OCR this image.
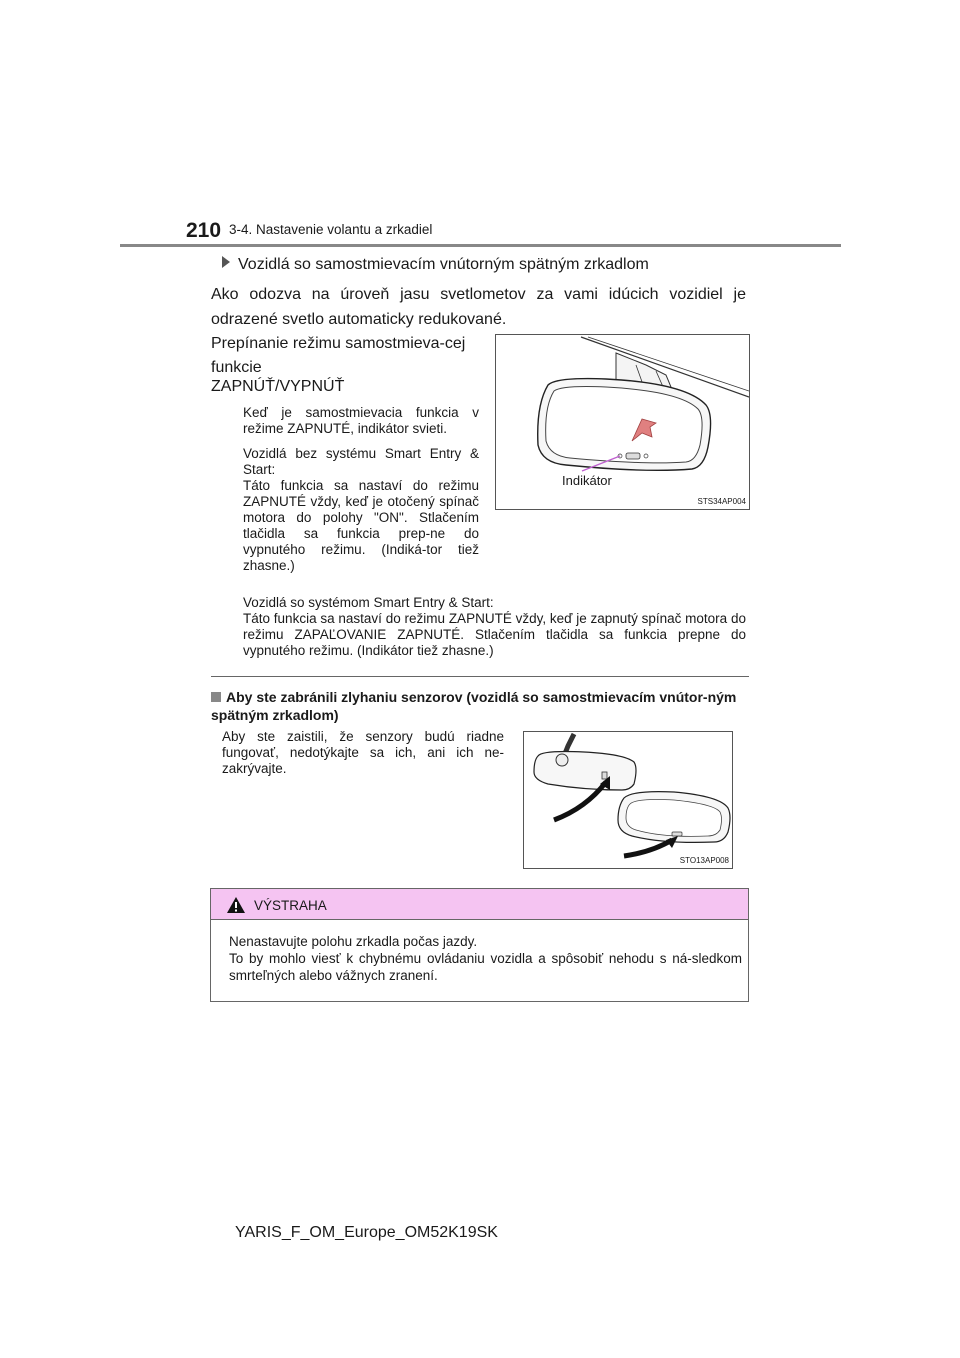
210 3-4. Nastavenie volantu a zrkadiel
Vozidlá so samostmievacím vnútorným spätným zrkadlom
Ako odozva na úroveň jasu svetlometov za vami idúcich vozidiel je odrazené svetlo automaticky redukované.
Prepínanie režimu samostmieva-cej funkcie
ZAPNÚŤ/VYPNÚŤ
Keď je samostmievacia funkcia v režime ZAPNUTÉ, indikátor svieti.
Vozidlá bez systému Smart Entry & Start:
Táto funkcia sa nastaví do režimu ZAPNUTÉ vždy, keď je otočený spínač motora do polohy "ON". Stlačením tlačidla sa funkcia prep-ne do vypnutého režimu. (Indiká-tor tiež zhasne.)
Vozidlá so systémom Smart Entry & Start:
Táto funkcia sa nastaví do režimu ZAPNUTÉ vždy, keď je zapnutý spínač motora do režimu ZAPAĽOVANIE ZAPNUTÉ. Stlačením tlačidla sa funkcia prepne do vypnutého režimu. (Indikátor tiež zhasne.)
Indikátor
STS34AP004
Aby ste zabránili zlyhaniu senzorov (vozidlá so samostmievacím vnútor-ným spätným zrkadlom)
Aby ste zaistili, že senzory budú riadne fungovať, nedotýkajte sa ich, ani ich ne-zakrývajte.
STO13AP008
VÝSTRAHA
Nenastavujte polohu zrkadla počas jazdy.
To by mohlo viesť k chybnému ovládaniu vozidla a spôsobiť nehodu s ná-sledkom smrteľných alebo vážnych zranení.
YARIS_F_OM_Europe_OM52K19SK
